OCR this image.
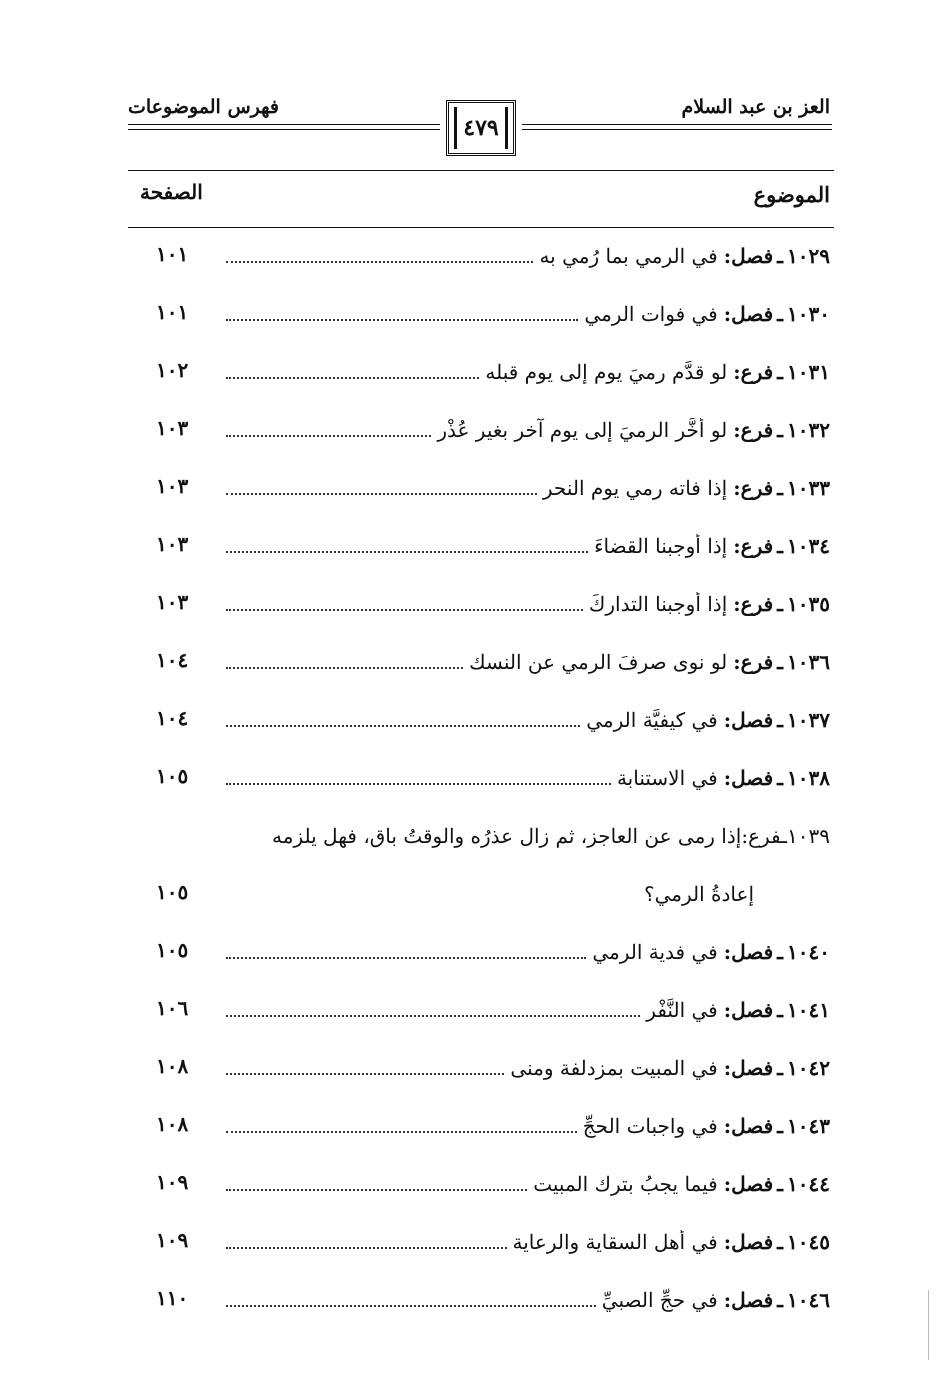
العز بن عبد السلام
فهرس الموضوعات
٤٧٩
الموضوع
الصفحة
١٠٢٩
ـ
فصل
:
في الرمي بما رُمي به
١٠١
١٠٣٠
ـ
فصل
:
في فوات الرمي
١٠١
١٠٣١
ـ
فرع
:
لو قدَّم رميَ يوم إلى يوم قبله
١٠٢
١٠٣٢
ـ
فرع
:
لو أخَّر الرميَ إلى يومٍ آخر بغير عُذْر
١٠٣
١٠٣٣
ـ
فرع
:
إذا فاته رمي يوم النحر
١٠٣
١٠٣٤
ـ
فرع
:
إذا أوجبنا القضاءَ
١٠٣
١٠٣٥
ـ
فرع
:
إذا أوجبنا التداركَ
١٠٣
١٠٣٦
ـ
فرع
:
لو نوى صرفَ الرمي عن النسك
١٠٤
١٠٣٧
ـ
فصل
:
في كيفيَّة الرمي
١٠٤
١٠٣٨
ـ
فصل
:
في الاستنابة
١٠٥
١٠٣٩ـفرع:إذا رمى عن العاجز، ثم زال عذرُه والوقتُ باقٍ، فهل يلزمه
إعادةُ الرمي؟
١٠٥
١٠٤٠
ـ
فصل
:
في فدية الرمي
١٠٥
١٠٤١
ـ
فصل
:
في النَّفْر
١٠٦
١٠٤٢
ـ
فصل
:
في المبيت بمزدلفة ومنى
١٠٨
١٠٤٣
ـ
فصل
:
في واجبات الحجِّ
١٠٨
١٠٤٤
ـ
فصل
:
فيما يجبُ بترك المبيت
١٠٩
١٠٤٥
ـ
فصل
:
في أهل السقاية والرعاية
١٠٩
١٠٤٦
ـ
فصل
:
في حجِّ الصبيِّ
١١٠
